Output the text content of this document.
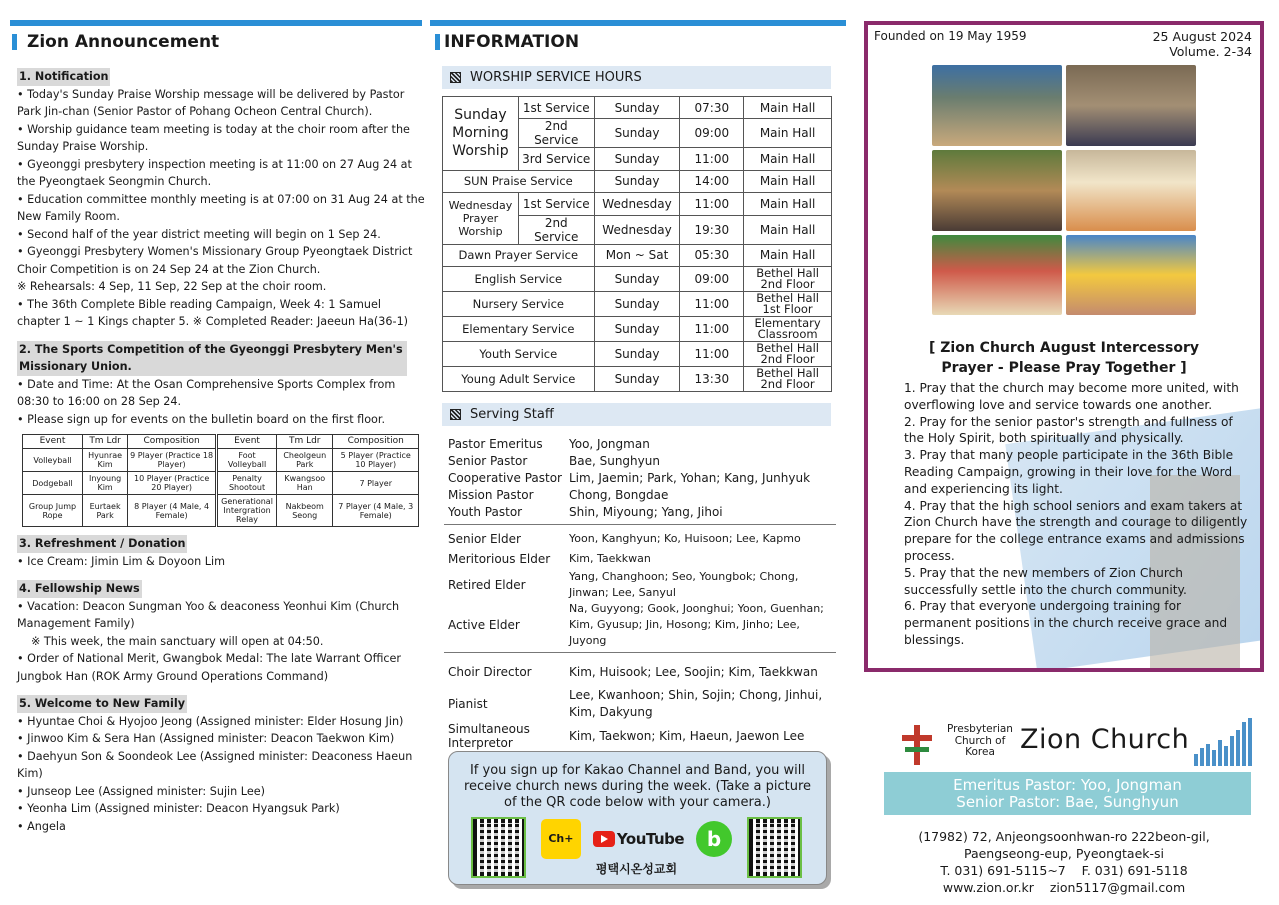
Zion Announcement
1. Notification

• Today's Sunday Praise Worship message will be delivered by Pastor Park Jin-chan (Senior Pastor of Pohang Ocheon Central Church).

• Worship guidance team meeting is today at the choir room after the Sunday Praise Worship.

• Gyeonggi presbytery inspection meeting is at 11:00 on 27 Aug 24 at the Pyeongtaek Seongmin Church.

• Education committee monthly meeting is at 07:00 on 31 Aug 24 at the New Family Room.

• Second half of the year district meeting will begin on 1 Sep 24.

• Gyeonggi Presbytery Women's Missionary Group Pyeongtaek District Choir Competition is on 24 Sep 24 at the Zion Church.

※ Rehearsals: 4 Sep, 11 Sep, 22 Sep at the choir room.

• The 36th Complete Bible reading Campaign, Week 4: 1 Samuel chapter 1 ~ 1 Kings chapter 5. ※ Completed Reader: Jaeeun Ha(36-1)

2. The Sports Competition of the Gyeonggi Presbytery Men's Missionary Union.

• Date and Time: At the Osan Comprehensive Sports Complex from 08:30 to 16:00 on 28 Sep 24.

• Please sign up for events on the bulletin board on the first floor.

Event	Tm Ldr	Composition	Event	Tm Ldr	Composition
Volleyball	Hyunrae Kim	9 Player (Practice 18 Player)	Foot Volleyball	Cheolgeun Park	5 Player (Practice 10 Player)
Dodgeball	Inyoung Kim	10 Player (Practice 20 Player)	Penalty Shootout	Kwangsoo Han	7 Player
Group Jump Rope	Eurtaek Park	8 Player (4 Male, 4 Female)	Generational Intergration Relay	Nakbeom Seong	7 Player (4 Male, 3 Female)
3. Refreshment / Donation

• Ice Cream: Jimin Lim & Doyoon Lim

4. Fellowship News

• Vacation: Deacon Sungman Yoo & deaconess Yeonhui Kim (Church Management Family)

※ This week, the main sanctuary will open at 04:50.

• Order of National Merit, Gwangbok Medal: The late Warrant Officer Jungbok Han (ROK Army Ground Operations Command)

5. Welcome to New Family

• Hyuntae Choi & Hyojoo Jeong (Assigned minister: Elder Hosung Jin)

• Jinwoo Kim & Sera Han (Assigned minister: Deacon Taekwon Kim)

• Daehyun Son & Soondeok Lee (Assigned minister: Deaconess Haeun Kim)

• Junseop Lee (Assigned minister: Sujin Lee)

• Yeonha Lim (Assigned minister: Deacon Hyangsuk Park)

• Angela

INFORMATION
WORSHIP SERVICE HOURS
Sunday Morning Worship	1st Service	Sunday	07:30	Main Hall
	2nd Service	Sunday	09:00	Main Hall
	3rd Service	Sunday	11:00	Main Hall
SUN Praise Service		Sunday	14:00	Main Hall
Wednesday Prayer Worship	1st Service	Wednesday	11:00	Main Hall
	2nd Service	Wednesday	19:30	Main Hall
Dawn Prayer Service		Mon ~ Sat	05:30	Main Hall
English Service		Sunday	09:00	Bethel Hall 2nd Floor
Nursery Service		Sunday	11:00	Bethel Hall 1st Floor
Elementary Service		Sunday	11:00	Elementary Classroom
Youth Service		Sunday	11:00	Bethel Hall 2nd Floor
Young Adult Service		Sunday	13:30	Bethel Hall 2nd Floor
Serving Staff
Pastor Emeritus	Yoo, Jongman
Senior Pastor	Bae, Sunghyun
Cooperative Pastor Lim, Jaemin; Park, Yohan; Kang, Junhyuk
Mission Pastor	Chong, Bongdae
Youth Pastor	Shin, Miyoung; Yang, Jihoi
Senior Elder	Yoon, Kanghyun; Ko, Huisoon; Lee, Kapmo
Meritorious Elder	Kim, Taekkwan
Retired Elder
Yang, Changhoon; Seo, Youngbok; Chong, Jinwan; Lee, Sanyul
Active Elder
Na, Guyyong; Gook, Joonghui; Yoon, Guenhan; Kim, Gyusup; Jin, Hosong; Kim, Jinho; Lee, Juyong
Choir Director	Kim, Huisook; Lee, Soojin; Kim, Taekkwan
Pianist
Lee, Kwanhoon; Shin, Sojin; Chong, Jinhui, Kim, Dakyung
Simultaneous Interpretor
Kim, Taekwon; Kim, Haeun, Jaewon Lee
If you sign up for Kakao Channel and Band, you will receive church news during the week. (Take a picture of the QR code below with your camera.)
Ch+	YouTube b
평택시온성교회
Founded on 19 May 1959	25 August 2024
Volume. 2-34
[ Zion Church August Intercessory Prayer - Please Pray Together ]

1. Pray that the church may become more united, with overflowing love and service towards one another.

2. Pray for the senior pastor's strength and fullness of the Holy Spirit, both spiritually and physically.

3. Pray that many people participate in the 36th Bible Reading Campaign, growing in their love for the Word and experiencing its light.

4. Pray that the high school seniors and exam takers at Zion Church have the strength and courage to diligently prepare for the college entrance exams and admissions process.

5. Pray that the new members of Zion Church successfully settle into the church community.

6. Pray that everyone undergoing training for permanent positions in the church receive grace and blessings.

Presbyterian Church of Korea Zion Church
Emeritus Pastor: Yoo, Jongman
Senior Pastor: Bae, Sunghyun
(17982) 72, Anjeongsoonhwan-ro 222beon-gil,
Paengseong-eup, Pyeongtaek-si
T. 031) 691-5115~7    F. 031) 691-5118
www.zion.or.kr    zion5117@gmail.com
